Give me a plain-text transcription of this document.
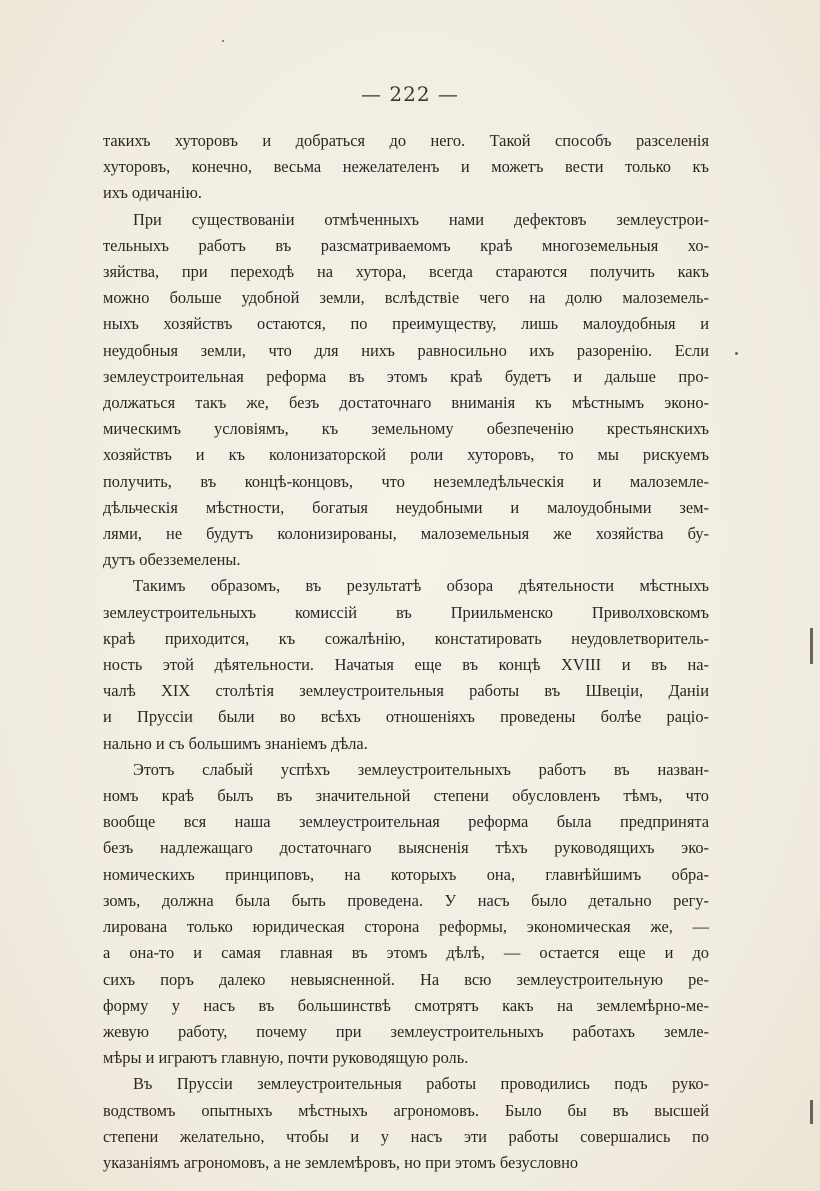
— 222 —
такихъ хуторовъ и добраться до него. Такой способъ разселенія
хуторовъ, конечно, весьма нежелателенъ и можетъ вести только къ
ихъ одичанію.
При существованіи отмѣченныхъ нами дефектовъ землеустрои-
тельныхъ работъ въ разсматриваемомъ краѣ многоземельныя хо-
зяйства, при переходѣ на хутора, всегда стараются получить какъ
можно больше удобной земли, вслѣдствіе чего на долю малоземель-
ныхъ хозяйствъ остаются, по преимуществу, лишь малоудобныя и
неудобныя земли, что для нихъ равносильно ихъ разоренію. Если
землеустроительная реформа въ этомъ краѣ будетъ и дальше про-
должаться такъ же, безъ достаточнаго вниманія къ мѣстнымъ эконо-
мическимъ условіямъ, къ земельному обезпеченію крестьянскихъ
хозяйствъ и къ колонизаторской роли хуторовъ, то мы рискуемъ
получить, въ концѣ-концовъ, что неземледѣльческія и малоземле-
дѣльческія мѣстности, богатыя неудобными и малоудобными зем-
лями, не будутъ колонизированы, малоземельныя же хозяйства бу-
дутъ обезземелены.
Такимъ образомъ, въ результатѣ обзора дѣятельности мѣстныхъ
землеустроительныхъ комиссій въ Приильменско Приволховскомъ
краѣ приходится, къ сожалѣнію, констатировать неудовлетворитель-
ность этой дѣятельности. Начатыя еще въ концѣ XVIII и въ на-
чалѣ XIX столѣтія землеустроительныя работы въ Швеціи, Даніи
и Пруссіи были во всѣхъ отношеніяхъ проведены болѣе раціо-
нально и съ большимъ знаніемъ дѣла.
Этотъ слабый успѣхъ землеустроительныхъ работъ въ назван-
номъ краѣ былъ въ значительной степени обусловленъ тѣмъ, что
вообще вся наша землеустроительная реформа была предпринята
безъ надлежащаго достаточнаго выясненія тѣхъ руководящихъ эко-
номическихъ принциповъ, на которыхъ она, главнѣйшимъ обра-
зомъ, должна была быть проведена. У насъ было детально регу-
лирована только юридическая сторона реформы, экономическая же, —
а она-то и самая главная въ этомъ дѣлѣ, — остается еще и до
сихъ поръ далеко невыясненной. На всю землеустроительную ре-
форму у насъ въ большинствѣ смотрятъ какъ на землемѣрно-ме-
жевую работу, почему при землеустроительныхъ работахъ земле-
мѣры и играютъ главную, почти руководящую роль.
Въ Пруссіи землеустроительныя работы проводились подъ руко-
водствомъ опытныхъ мѣстныхъ агрономовъ. Было бы въ высшей
степени желательно, чтобы и у насъ эти работы совершались по
указаніямъ агрономовъ, а не землемѣровъ, но при этомъ безусловно
